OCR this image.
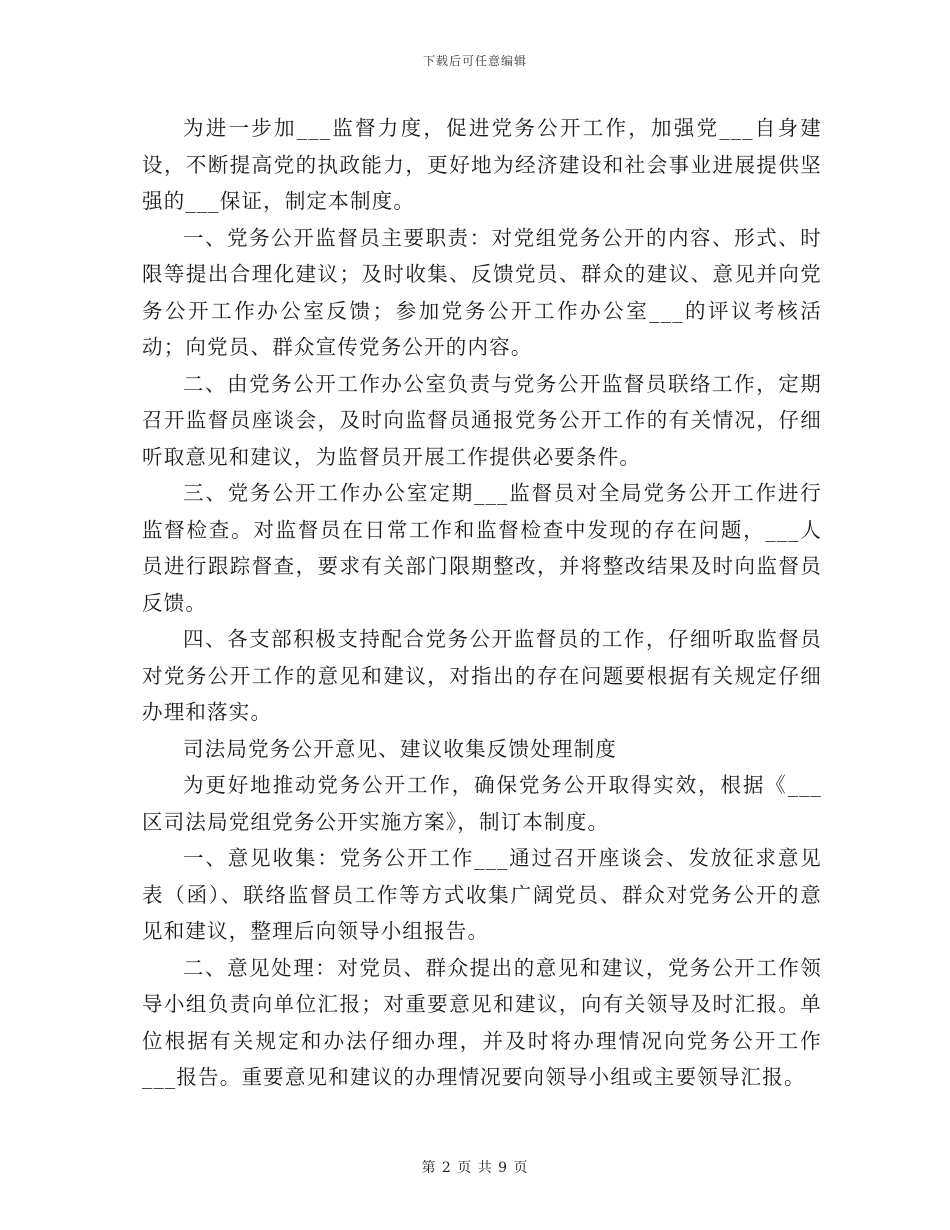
下载后可任意编辑

为进一步加___监督力度，促进党务公开工作，加强党___自身建设，不断提高党的执政能力，更好地为经济建设和社会事业进展提供坚强的___保证，制定本制度。

一、党务公开监督员主要职责：对党组党务公开的内容、形式、时限等提出合理化建议；及时收集、反馈党员、群众的建议、意见并向党务公开工作办公室反馈；参加党务公开工作办公室___的评议考核活动；向党员、群众宣传党务公开的内容。

二、由党务公开工作办公室负责与党务公开监督员联络工作，定期召开监督员座谈会，及时向监督员通报党务公开工作的有关情况，仔细听取意见和建议，为监督员开展工作提供必要条件。

三、党务公开工作办公室定期___监督员对全局党务公开工作进行监督检查。对监督员在日常工作和监督检查中发现的存在问题，___人员进行跟踪督查，要求有关部门限期整改，并将整改结果及时向监督员反馈。

四、各支部积极支持配合党务公开监督员的工作，仔细听取监督员对党务公开工作的意见和建议，对指出的存在问题要根据有关规定仔细办理和落实。

司法局党务公开意见、建议收集反馈处理制度

为更好地推动党务公开工作，确保党务公开取得实效，根据《___区司法局党组党务公开实施方案》，制订本制度。

一、意见收集：党务公开工作___通过召开座谈会、发放征求意见表（函）、联络监督员工作等方式收集广阔党员、群众对党务公开的意见和建议，整理后向领导小组报告。

二、意见处理：对党员、群众提出的意见和建议，党务公开工作领导小组负责向单位汇报；对重要意见和建议，向有关领导及时汇报。单位根据有关规定和办法仔细办理，并及时将办理情况向党务公开工作___报告。重要意见和建议的办理情况要向领导小组或主要领导汇报。

第 2 页 共 9 页
